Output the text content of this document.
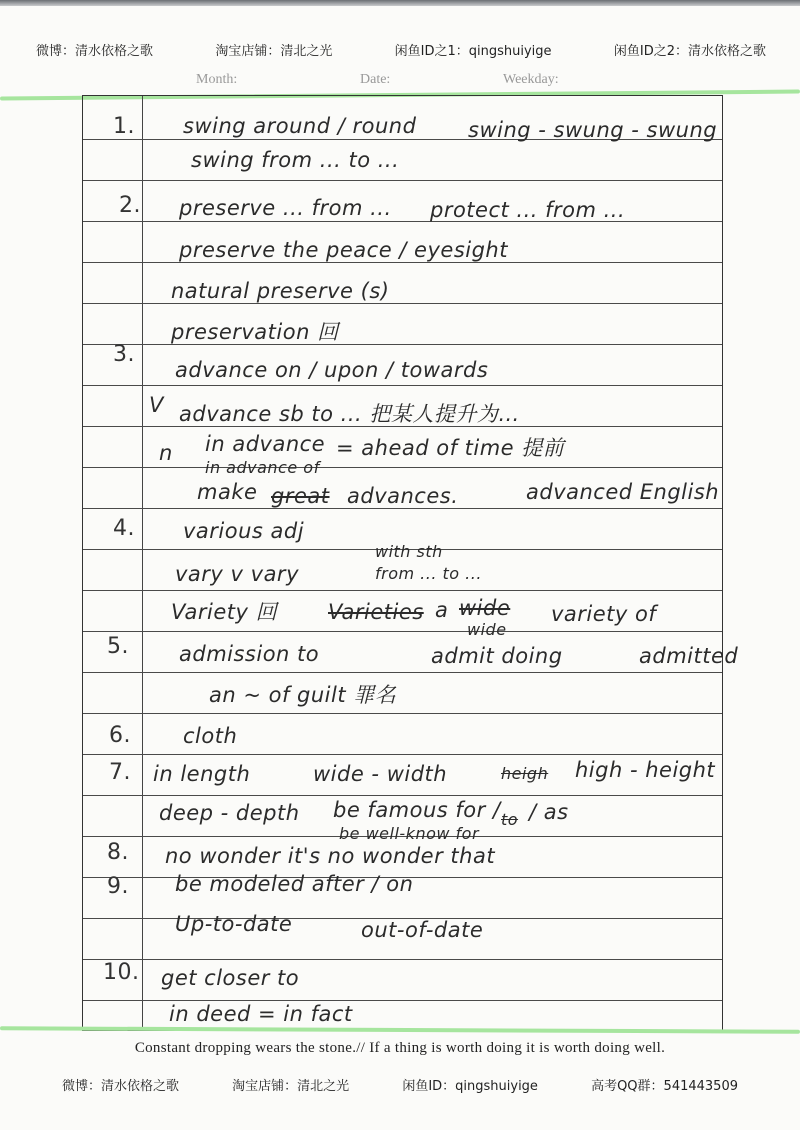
微博：清水依格之歌	淘宝店铺：清北之光	闲鱼ID之1：qingshuiyige	闲鱼ID之2：清水依格之歌
Month:	Date:	Weekday:
1. swing around / round swing - swung - swung
swing from ... to ...
2. preserve ... from ... protect ... from ...
preserve the peace / eyesight
natural preserve (s)
preservation 回
3.
advance on / upon / towards
V advance sb to ... 把某人提升为…
n in advance = ahead of time 提前
in advance of
make great advances.	advanced English
4. various adj
vary v vary
with sth
from ... to ...
Variety 回 Varieties a wide variety of
wide
5. admission to	admit doing	admitted
an ~ of guilt 罪名
6. cloth
7. in length	wide - width	heigh high - height
deep - depth be famous for / to / as
be well-know for
8. no wonder it's no wonder that
9. be modeled after / on
Up-to-date	out-of-date
10. get closer to
in deed = in fact
Constant dropping wears the stone.// If a thing is worth doing it is worth doing well.
微博：清水依格之歌	淘宝店铺：清北之光	闲鱼ID：qingshuiyige	高考QQ群：541443509
